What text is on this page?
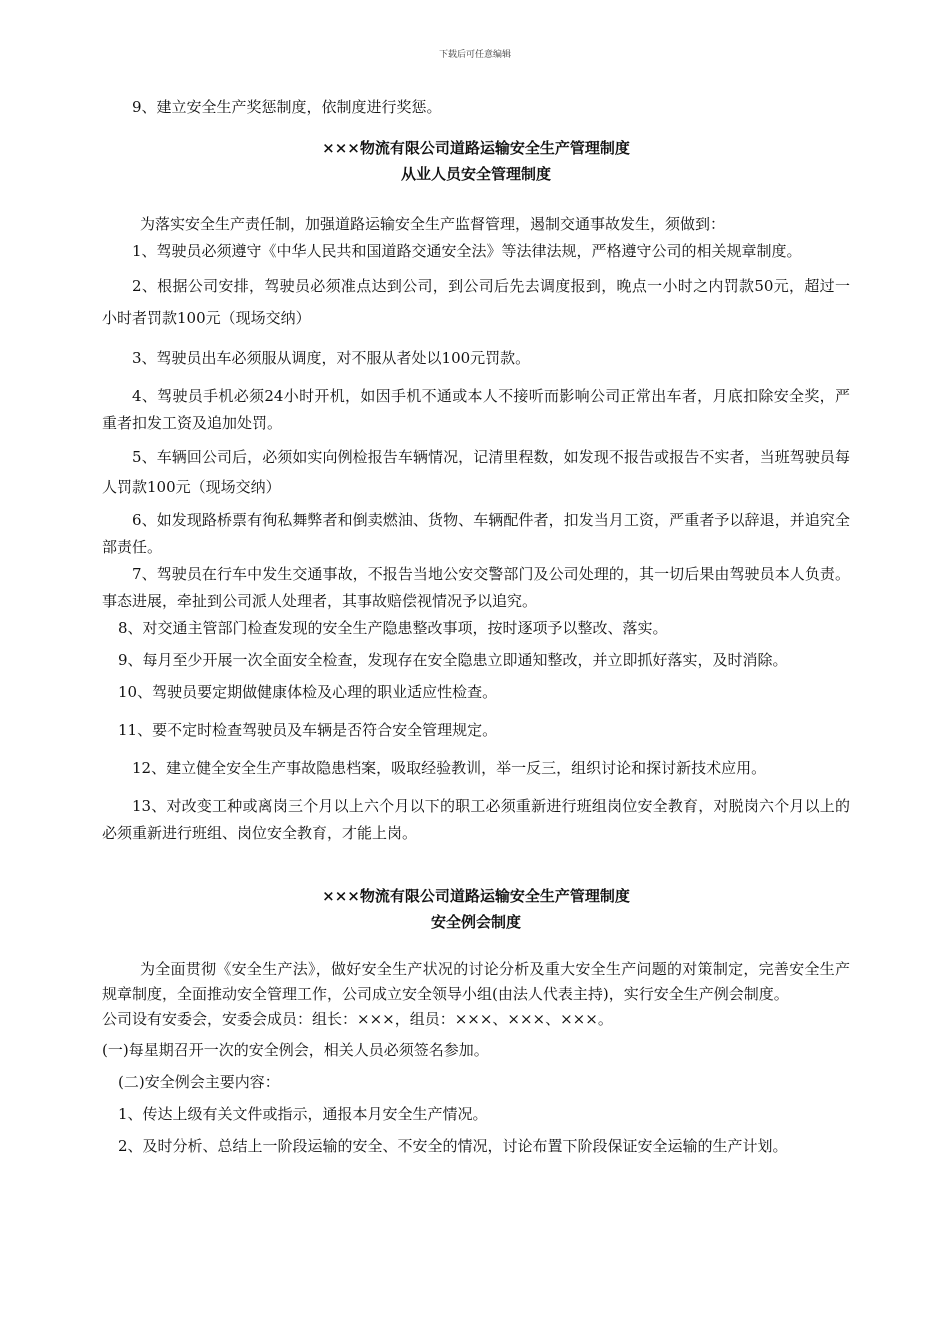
下载后可任意编辑

9、建立安全生产奖惩制度，依制度进行奖惩。

×××物流有限公司道路运输安全生产管理制度
从业人员安全管理制度

为落实安全生产责任制，加强道路运输安全生产监督管理，遏制交通事故发生，须做到：

1、驾驶员必须遵守《中华人民共和国道路交通安全法》等法律法规，严格遵守公司的相关规章制度。

2、根据公司安排，驾驶员必须准点达到公司，到公司后先去调度报到，晚点一小时之内罚款50元，超过一小时者罚款100元（现场交纳）

3、驾驶员出车必须服从调度，对不服从者处以100元罚款。

4、驾驶员手机必须24小时开机，如因手机不通或本人不接听而影响公司正常出车者，月底扣除安全奖，严重者扣发工资及追加处罚。

5、车辆回公司后，必须如实向例检报告车辆情况，记清里程数，如发现不报告或报告不实者，当班驾驶员每人罚款100元（现场交纳）

6、如发现路桥票有徇私舞弊者和倒卖燃油、货物、车辆配件者，扣发当月工资，严重者予以辞退，并追究全部责任。

7、驾驶员在行车中发生交通事故，不报告当地公安交警部门及公司处理的，其一切后果由驾驶员本人负责。事态进展，牵扯到公司派人处理者，其事故赔偿视情况予以追究。

8、对交通主管部门检查发现的安全生产隐患整改事项，按时逐项予以整改、落实。

9、每月至少开展一次全面安全检查，发现存在安全隐患立即通知整改，并立即抓好落实，及时消除。

10、驾驶员要定期做健康体检及心理的职业适应性检查。

11、要不定时检查驾驶员及车辆是否符合安全管理规定。

12、建立健全安全生产事故隐患档案，吸取经验教训，举一反三，组织讨论和探讨新技术应用。

13、对改变工种或离岗三个月以上六个月以下的职工必须重新进行班组岗位安全教育，对脱岗六个月以上的必须重新进行班组、岗位安全教育，才能上岗。

×××物流有限公司道路运输安全生产管理制度
安全例会制度

为全面贯彻《安全生产法》，做好安全生产状况的讨论分析及重大安全生产问题的对策制定，完善安全生产规章制度，全面推动安全管理工作，公司成立安全领导小组(由法人代表主持)，实行安全生产例会制度。

公司设有安委会，安委会成员：组长：×××，组员：×××、×××、×××。

(一)每星期召开一次的安全例会，相关人员必须签名参加。

(二)安全例会主要内容：

1、传达上级有关文件或指示，通报本月安全生产情况。

2、及时分析、总结上一阶段运输的安全、不安全的情况，讨论布置下阶段保证安全运输的生产计划。
